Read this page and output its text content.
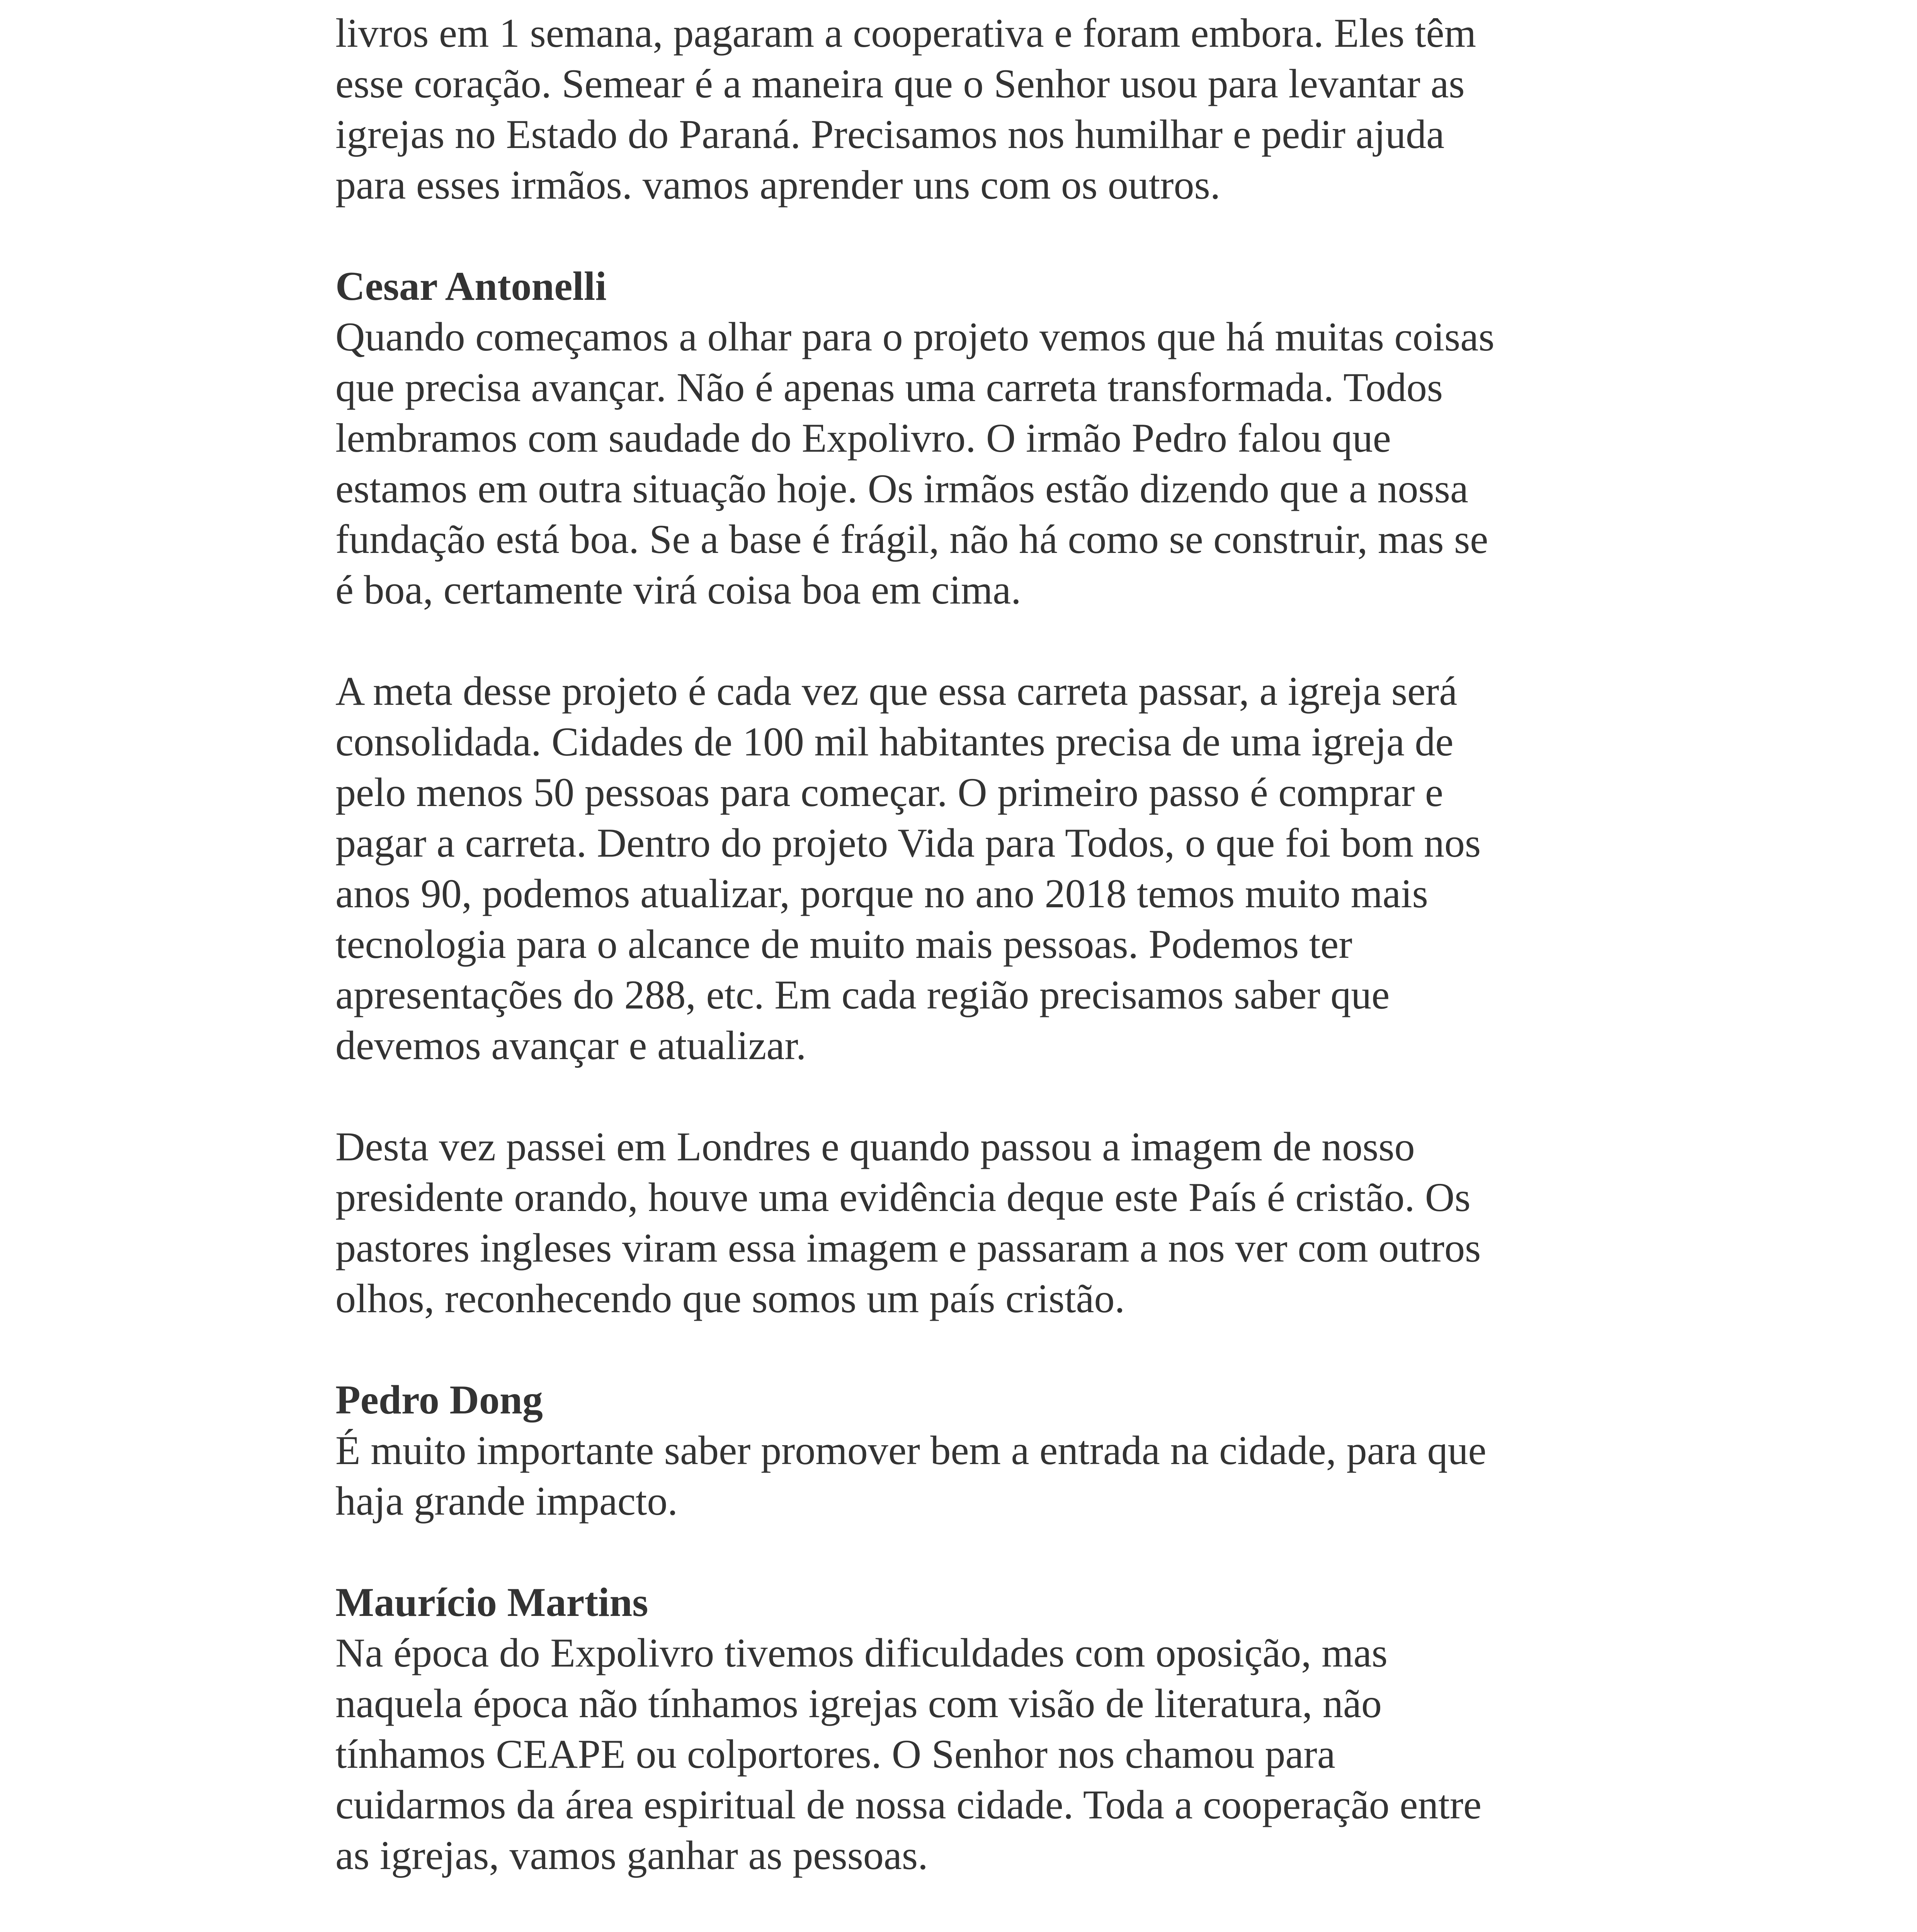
livros em 1 semana, pagaram a cooperativa e foram embora. Eles têm
esse coração. Semear é a maneira que o Senhor usou para levantar as
igrejas no Estado do Paraná. Precisamos nos humilhar e pedir ajuda
para esses irmãos. vamos aprender uns com os outros.

Cesar Antonelli

Quando começamos a olhar para o projeto vemos que há muitas coisas
que precisa avançar. Não é apenas uma carreta transformada. Todos
lembramos com saudade do Expolivro. O irmão Pedro falou que
estamos em outra situação hoje. Os irmãos estão dizendo que a nossa
fundação está boa. Se a base é frágil, não há como se construir, mas se
é boa, certamente virá coisa boa em cima.

A meta desse projeto é cada vez que essa carreta passar, a igreja será
consolidada. Cidades de 100 mil habitantes precisa de uma igreja de
pelo menos 50 pessoas para começar. O primeiro passo é comprar e
pagar a carreta. Dentro do projeto Vida para Todos, o que foi bom nos
anos 90, podemos atualizar, porque no ano 2018 temos muito mais
tecnologia para o alcance de muito mais pessoas. Podemos ter
apresentações do 288, etc. Em cada região precisamos saber que
devemos avançar e atualizar.

Desta vez passei em Londres e quando passou a imagem de nosso
presidente orando, houve uma evidência deque este País é cristão. Os
pastores ingleses viram essa imagem e passaram a nos ver com outros
olhos, reconhecendo que somos um país cristão.

Pedro Dong

É muito importante saber promover bem a entrada na cidade, para que
haja grande impacto.

Maurício Martins

Na época do Expolivro tivemos dificuldades com oposição, mas
naquela época não tínhamos igrejas com visão de literatura, não
tínhamos CEAPE ou colportores. O Senhor nos chamou para
cuidarmos da área espiritual de nossa cidade. Toda a cooperação entre
as igrejas, vamos ganhar as pessoas.
